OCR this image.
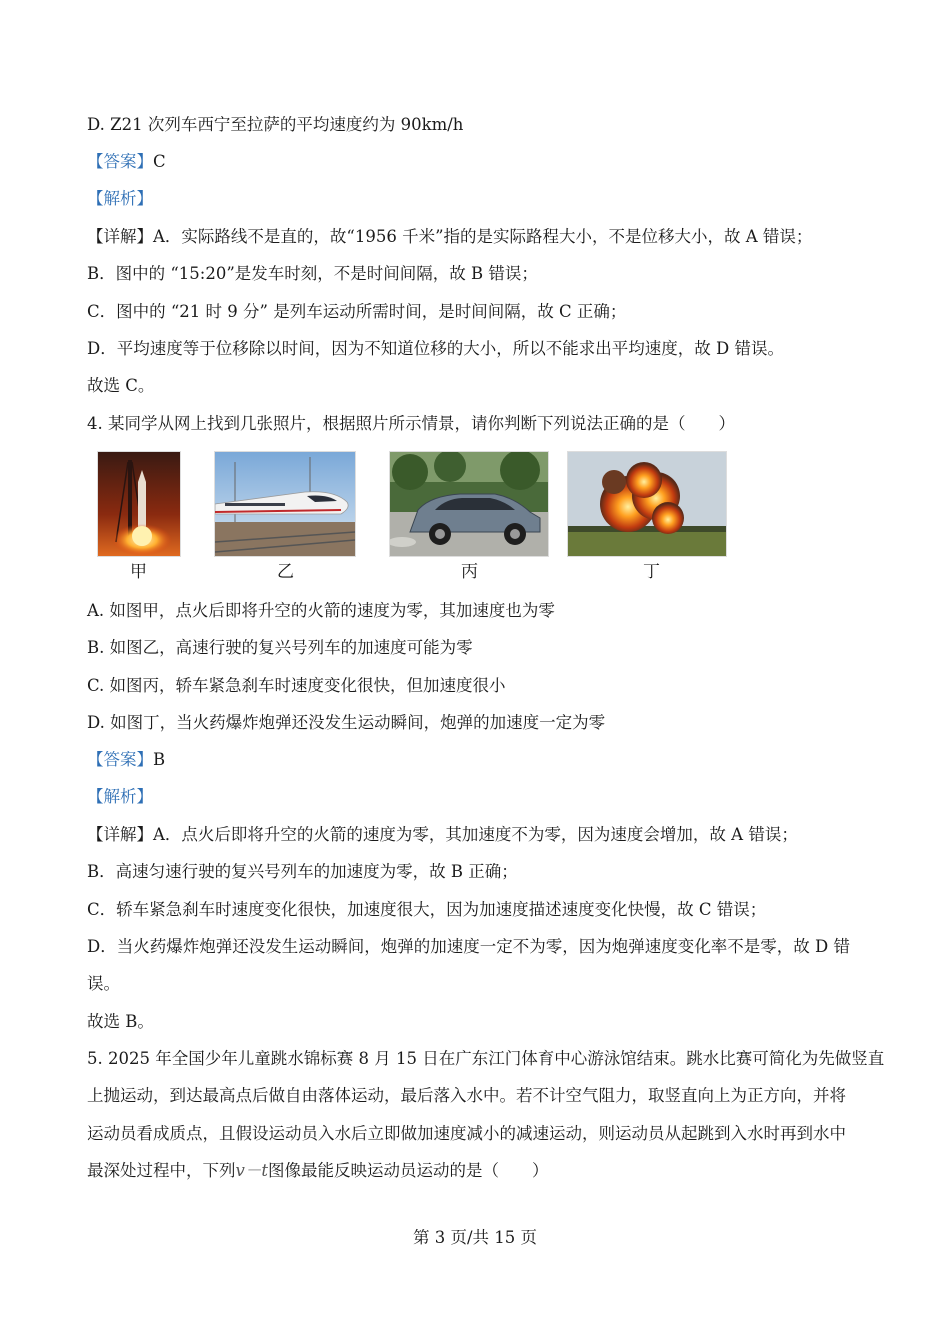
D. Z21 次列车西宁至拉萨的平均速度约为 90km/h
【答案】C
【解析】
【详解】A．实际路线不是直的，故“1956 千米”指的是实际路程大小，不是位移大小，故 A 错误；
B．图中的 “15:20”是发车时刻，不是时间间隔，故 B 错误；
C．图中的 “21 时 9 分” 是列车运动所需时间，是时间间隔，故 C 正确；
D．平均速度等于位移除以时间，因为不知道位移的大小，所以不能求出平均速度，故 D 错误。
故选 C。
4. 某同学从网上找到几张照片，根据照片所示情景，请你判断下列说法正确的是（　　）
甲	乙	丙	丁
A. 如图甲，点火后即将升空的火箭的速度为零，其加速度也为零
B. 如图乙，高速行驶的复兴号列车的加速度可能为零
C. 如图丙，轿车紧急刹车时速度变化很快，但加速度很小
D. 如图丁，当火药爆炸炮弹还没发生运动瞬间，炮弹的加速度一定为零
【答案】B
【解析】
【详解】A．点火后即将升空的火箭的速度为零，其加速度不为零，因为速度会增加，故 A 错误；
B．高速匀速行驶的复兴号列车的加速度为零，故 B 正确；
C．轿车紧急刹车时速度变化很快，加速度很大，因为加速度描述速度变化快慢，故 C 错误；
D．当火药爆炸炮弹还没发生运动瞬间，炮弹的加速度一定不为零，因为炮弹速度变化率不是零，故 D 错
误。
故选 B。
5. 2025 年全国少年儿童跳水锦标赛 8 月 15 日在广东江门体育中心游泳馆结束。跳水比赛可简化为先做竖直
上抛运动，到达最高点后做自由落体运动，最后落入水中。若不计空气阻力，取竖直向上为正方向，并将
运动员看成质点，且假设运动员入水后立即做加速度减小的减速运动，则运动员从起跳到入水时再到水中
最深处过程中，下列v－t图像最能反映运动员运动的是（　　）
第 3 页/共 15 页
